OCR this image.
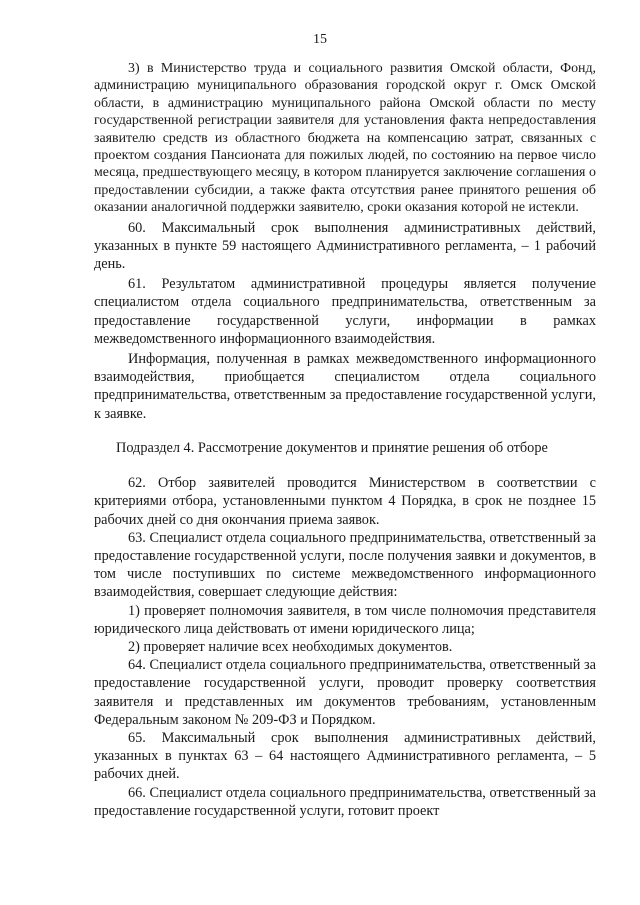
15

3) в Министерство труда и социального развития Омской области, Фонд, администрацию муниципального образования городской округ г. Омск Омской области, в администрацию муниципального района Омской области по месту государственной регистрации заявителя для установления факта непредоставления заявителю средств из областного бюджета на компенсацию затрат, связанных с проектом создания Пансионата для пожилых людей, по состоянию на первое число месяца, предшествующего месяцу, в котором планируется заключение соглашения о предоставлении субсидии, а также факта отсутствия ранее принятого решения об оказании аналогичной поддержки заявителю, сроки оказания которой не истекли.

60. Максимальный срок выполнения административных действий, указанных в пункте 59 настоящего Административного регламента, – 1 рабочий день.

61. Результатом административной процедуры является получение специалистом отдела социального предпринимательства, ответственным за предоставление государственной услуги, информации в рамках межведомственного информационного взаимодействия.

Информация, полученная в рамках межведомственного информационного взаимодействия, приобщается специалистом отдела социального предпринимательства, ответственным за предоставление государственной услуги, к заявке.

Подраздел 4. Рассмотрение документов и принятие решения об отборе

62. Отбор заявителей проводится Министерством в соответствии с критериями отбора, установленными пунктом 4 Порядка, в срок не позднее 15 рабочих дней со дня окончания приема заявок.

63. Специалист отдела социального предпринимательства, ответственный за предоставление государственной услуги, после получения заявки и документов, в том числе поступивших по системе межведомственного информационного взаимодействия, совершает следующие действия:

1) проверяет полномочия заявителя, в том числе полномочия представителя юридического лица действовать от имени юридического лица;

2) проверяет наличие всех необходимых документов.

64. Специалист отдела социального предпринимательства, ответственный за предоставление государственной услуги, проводит проверку соответствия заявителя и представленных им документов требованиям, установленным Федеральным законом № 209-ФЗ и Порядком.

65. Максимальный срок выполнения административных действий, указанных в пунктах 63 – 64 настоящего Административного регламента, – 5 рабочих дней.

66. Специалист отдела социального предпринимательства, ответственный за предоставление государственной услуги, готовит проект
